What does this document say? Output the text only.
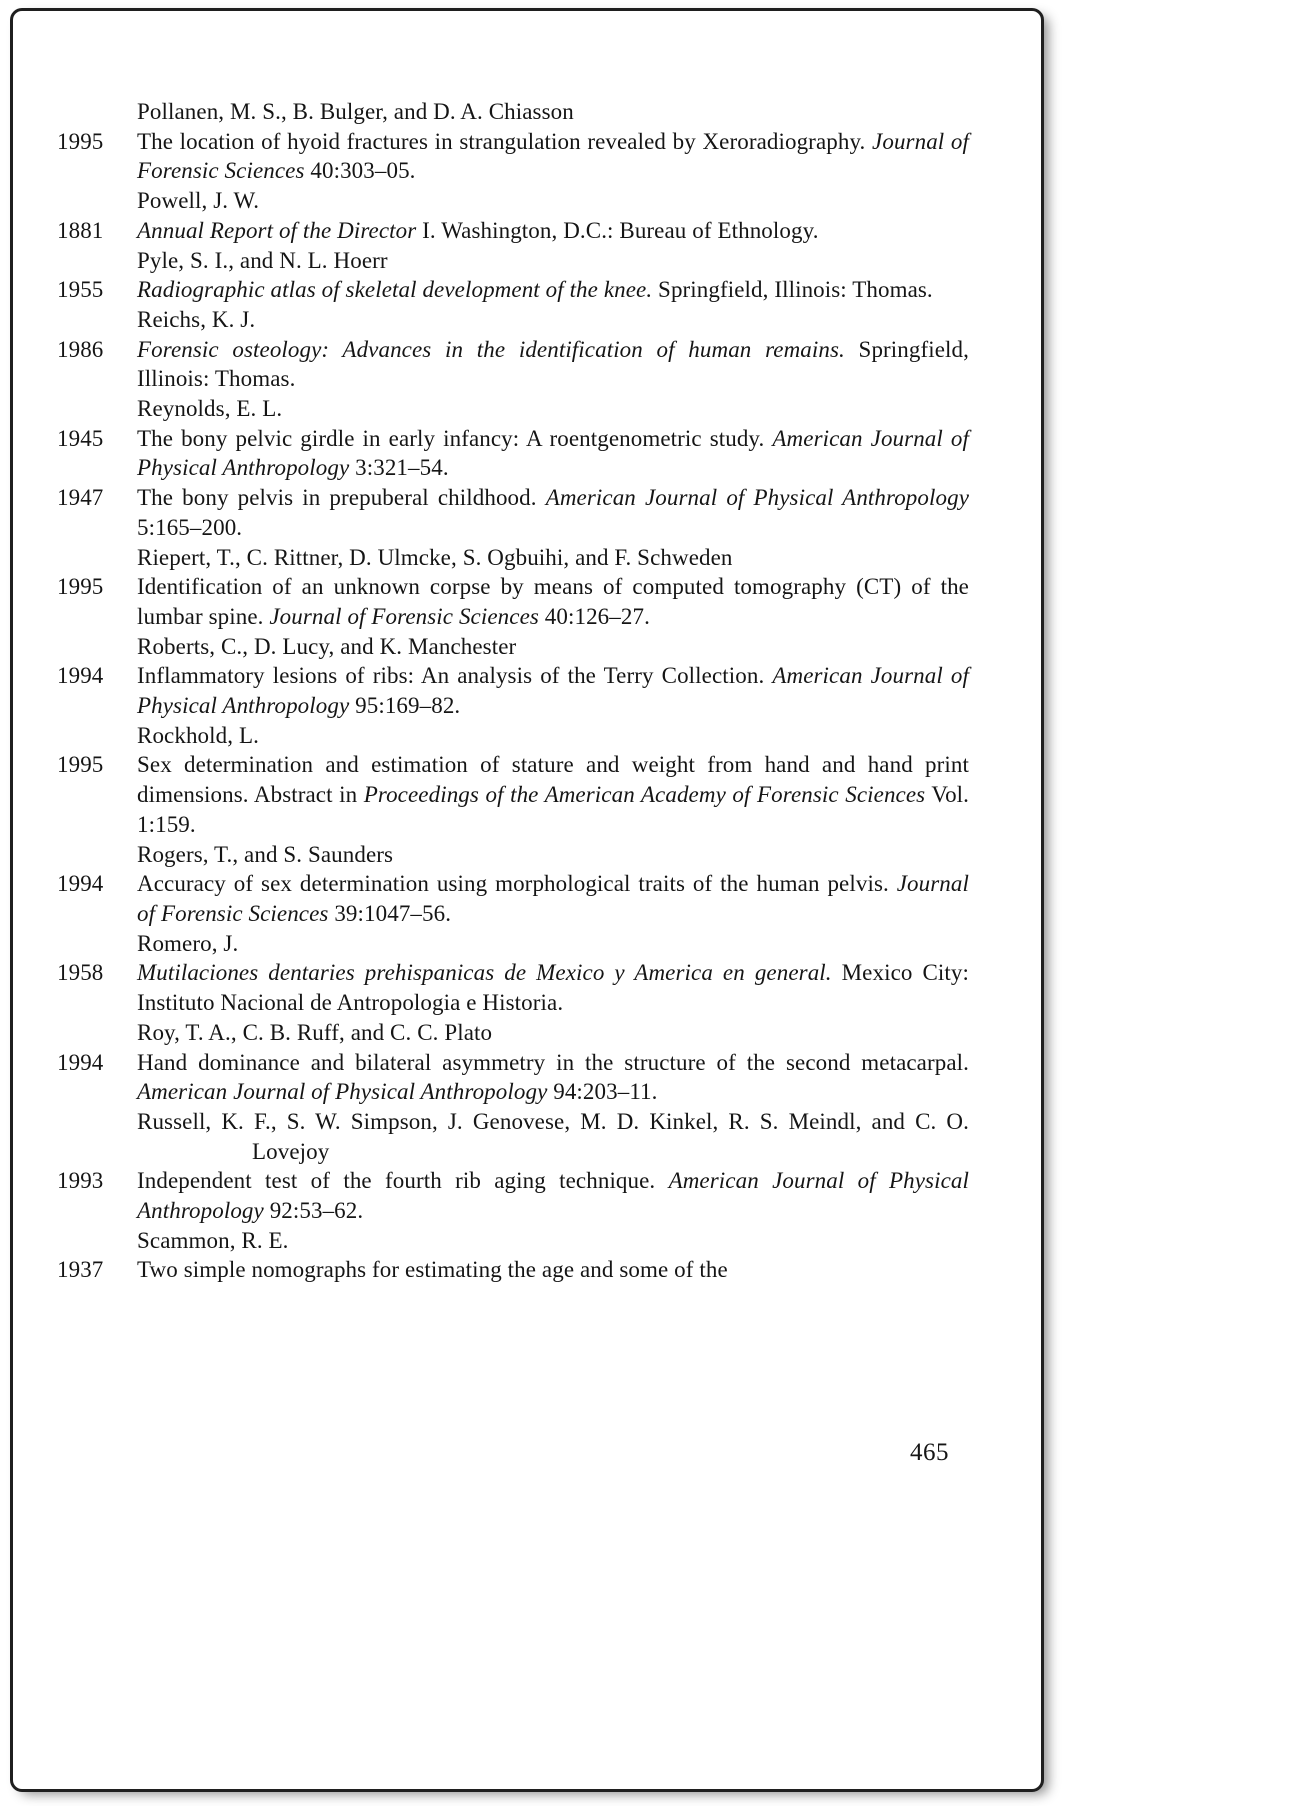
Pollanen, M. S., B. Bulger, and D. A. Chiasson

1995 The location of hyoid fractures in strangulation revealed by Xeroradiography. Journal of Forensic Sciences 40:303–05.

Powell, J. W.

1881 Annual Report of the Director I. Washington, D.C.: Bureau of Ethnology.

Pyle, S. I., and N. L. Hoerr

1955 Radiographic atlas of skeletal development of the knee. Springfield, Illinois: Thomas.

Reichs, K. J.

1986 Forensic osteology: Advances in the identification of human remains. Springfield, Illinois: Thomas.

Reynolds, E. L.

1945 The bony pelvic girdle in early infancy: A roentgenometric study. American Journal of Physical Anthropology 3:321–54.

1947 The bony pelvis in prepuberal childhood. American Journal of Physical Anthropology 5:165–200.

Riepert, T., C. Rittner, D. Ulmcke, S. Ogbuihi, and F. Schweden

1995 Identification of an unknown corpse by means of computed tomography (CT) of the lumbar spine. Journal of Forensic Sciences 40:126–27.

Roberts, C., D. Lucy, and K. Manchester

1994 Inflammatory lesions of ribs: An analysis of the Terry Collection. American Journal of Physical Anthropology 95:169–82.

Rockhold, L.

1995 Sex determination and estimation of stature and weight from hand and hand print dimensions. Abstract in Proceedings of the American Academy of Forensic Sciences Vol. 1:159.

Rogers, T., and S. Saunders

1994 Accuracy of sex determination using morphological traits of the human pelvis. Journal of Forensic Sciences 39:1047–56.

Romero, J.

1958 Mutilaciones dentaries prehispanicas de Mexico y America en general. Mexico City: Instituto Nacional de Antropologia e Historia.

Roy, T. A., C. B. Ruff, and C. C. Plato

1994 Hand dominance and bilateral asymmetry in the structure of the second metacarpal. American Journal of Physical Anthropology 94:203–11.

Russell, K. F., S. W. Simpson, J. Genovese, M. D. Kinkel, R. S. Meindl, and C. O. Lovejoy

1993 Independent test of the fourth rib aging technique. American Journal of Physical Anthropology 92:53–62.

Scammon, R. E.

1937 Two simple nomographs for estimating the age and some of the

465
